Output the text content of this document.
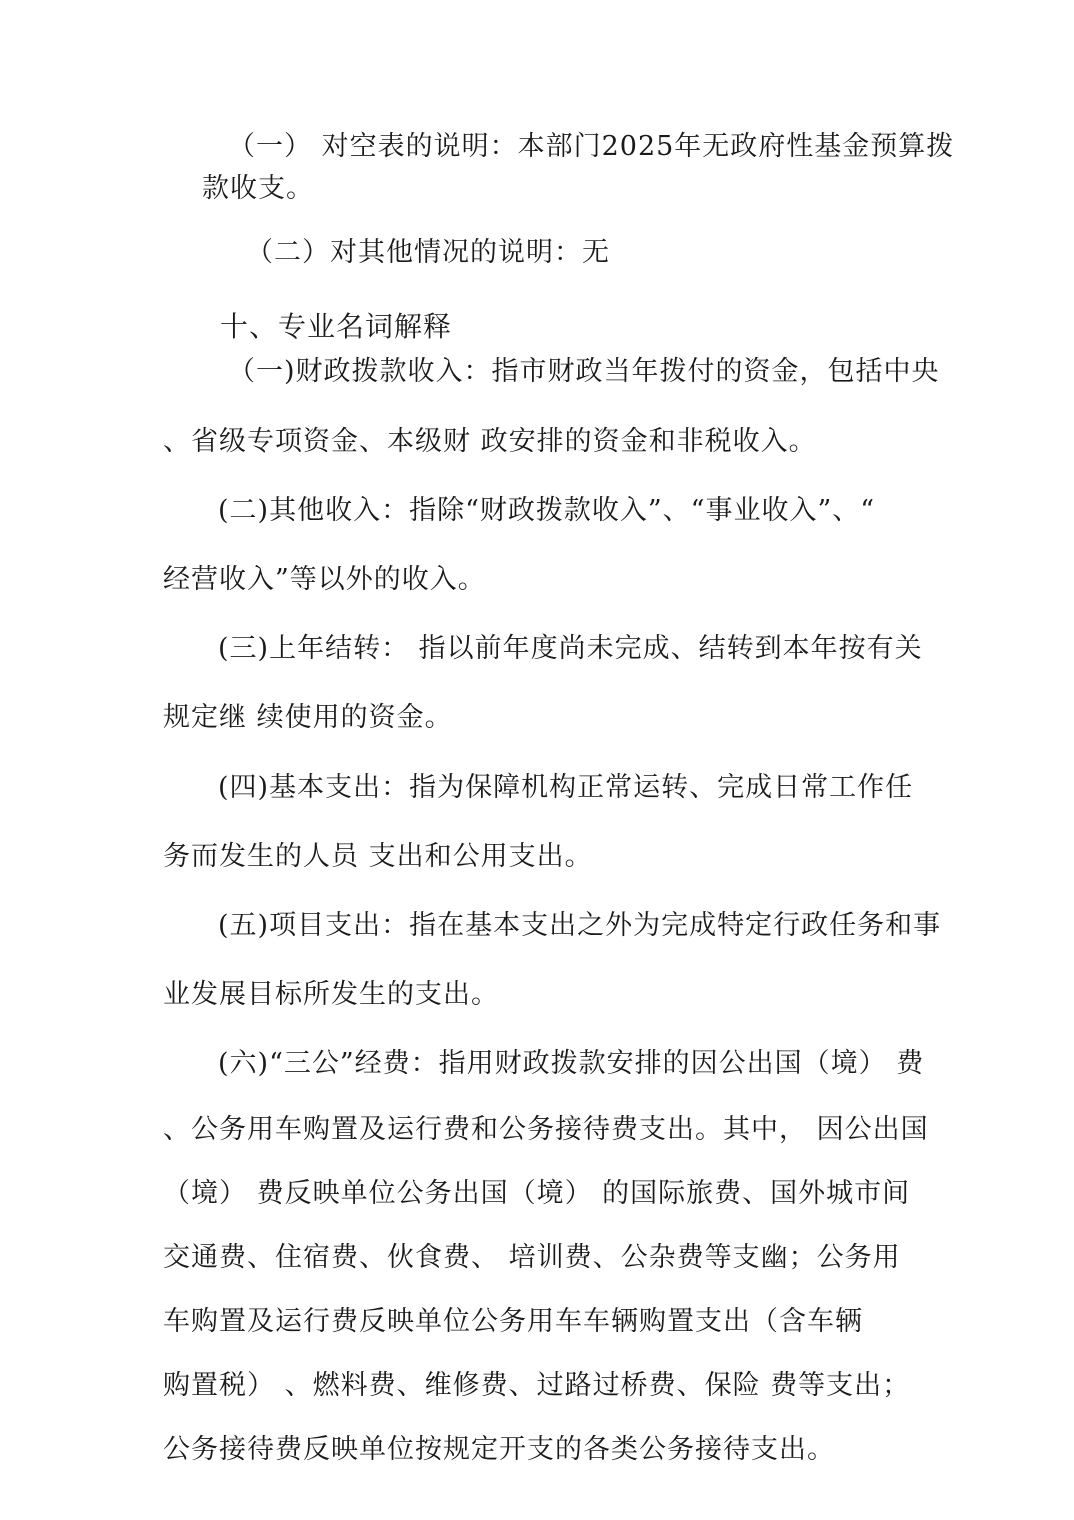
（一） 对空表的说明：本部门2025年无政府性基金预算拨
款收支。
（二）对其他情况的说明：无
十、专业名词解释
（一)财政拨款收入：指市财政当年拨付的资金，包括中央
、省级专项资金、本级财 政安排的资金和非税收入。
(二)其他收入：指除“财政拨款收入”、“事业收入”、“
经营收入”等以外的收入。
(三)上年结转： 指以前年度尚未完成、结转到本年按有关
规定继 续使用的资金。
(四)基本支出：指为保障机构正常运转、完成日常工作任
务而发生的人员 支出和公用支出。
(五)项目支出：指在基本支出之外为完成特定行政任务和事
业发展目标所发生的支出。
(六)“三公”经费：指用财政拨款安排的因公出国（境） 费
、公务用车购置及运行费和公务接待费支出。其中， 因公出国
（境） 费反映单位公务出国（境） 的国际旅费、国外城市间
交通费、住宿费、伙食费、 培训费、公杂费等支幽；公务用
车购置及运行费反映单位公务用车车辆购置支出（含车辆
购置税） 、燃料费、维修费、过路过桥费、保险 费等支出；
公务接待费反映单位按规定开支的各类公务接待支出。
